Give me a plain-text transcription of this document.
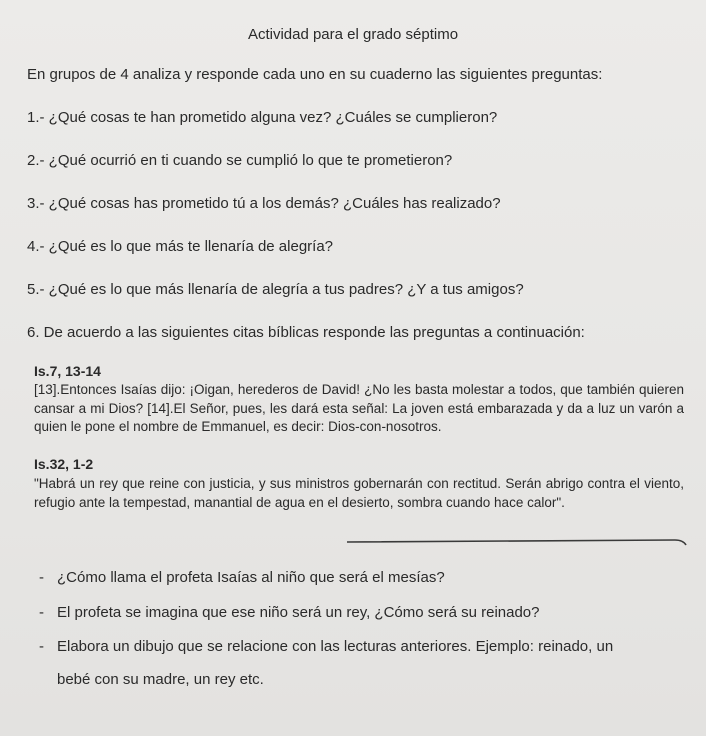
Actividad para el grado séptimo
En grupos de 4 analiza y responde cada uno en su cuaderno las siguientes preguntas:
1.- ¿Qué cosas te han prometido alguna vez? ¿Cuáles se cumplieron?
2.- ¿Qué ocurrió en ti cuando se cumplió lo que te prometieron?
3.- ¿Qué cosas has prometido tú a los demás? ¿Cuáles has realizado?
4.- ¿Qué es lo que más te llenaría de alegría?
5.- ¿Qué es lo que más llenaría de alegría a tus padres? ¿Y a tus amigos?
6. De acuerdo a las siguientes citas bíblicas responde las preguntas a continuación:
Is.7, 13-14
[13].Entonces Isaías dijo: ¡Oigan, herederos de David! ¿No les basta molestar a todos, que también quieren cansar a mi Dios? [14].El Señor, pues, les dará esta señal: La joven está embarazada y da a luz un varón a quien le pone el nombre de Emmanuel, es decir: Dios-con-nosotros.
Is.32, 1-2
"Habrá un rey que reine con justicia, y sus ministros gobernarán con rectitud. Serán abrigo contra el viento, refugio ante la tempestad, manantial de agua en el desierto, sombra cuando hace calor".
- ¿Cómo llama el profeta Isaías al niño que será el mesías?
- El profeta se imagina que ese niño será un rey, ¿Cómo será su reinado?
- Elabora un dibujo que se relacione con las lecturas anteriores. Ejemplo: reinado, un
bebé con su madre, un rey etc.
